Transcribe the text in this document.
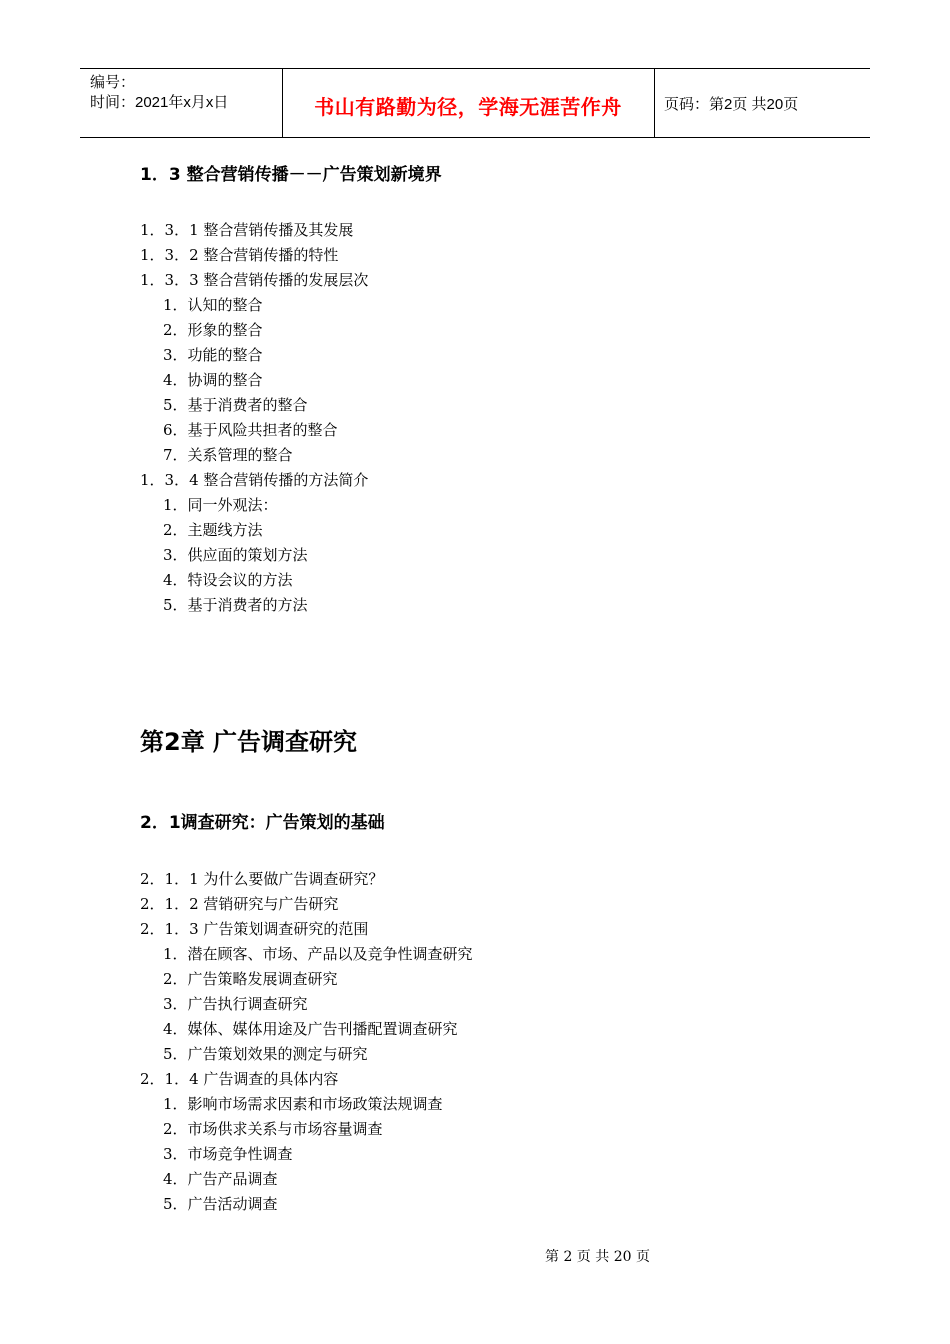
编号：
时间：2021年x月x日	书山有路勤为径，学海无涯苦作舟	页码：第2页 共20页
1．3 整合营销传播－－广告策划新境界
1．3．1 整合营销传播及其发展
1．3．2 整合营销传播的特性
1．3．3 整合营销传播的发展层次
1．认知的整合
2．形象的整合
3．功能的整合
4．协调的整合
5．基于消费者的整合
6．基于风险共担者的整合
7．关系管理的整合
1．3．4 整合营销传播的方法简介
1．同一外观法：
2．主题线方法
3．供应面的策划方法
4．特设会议的方法
5．基于消费者的方法
第2章 广告调查研究
2．1调查研究：广告策划的基础
2．1．1 为什么要做广告调查研究？
2．1．2 营销研究与广告研究
2．1．3 广告策划调查研究的范围
1．潜在顾客、市场、产品以及竞争性调查研究
2．广告策略发展调查研究
3．广告执行调查研究
4．媒体、媒体用途及广告刊播配置调查研究
5．广告策划效果的测定与研究
2．1．4 广告调查的具体内容
1．影响市场需求因素和市场政策法规调查
2．市场供求关系与市场容量调查
3．市场竞争性调查
4．广告产品调查
5．广告活动调查
第 2 页 共 20 页
